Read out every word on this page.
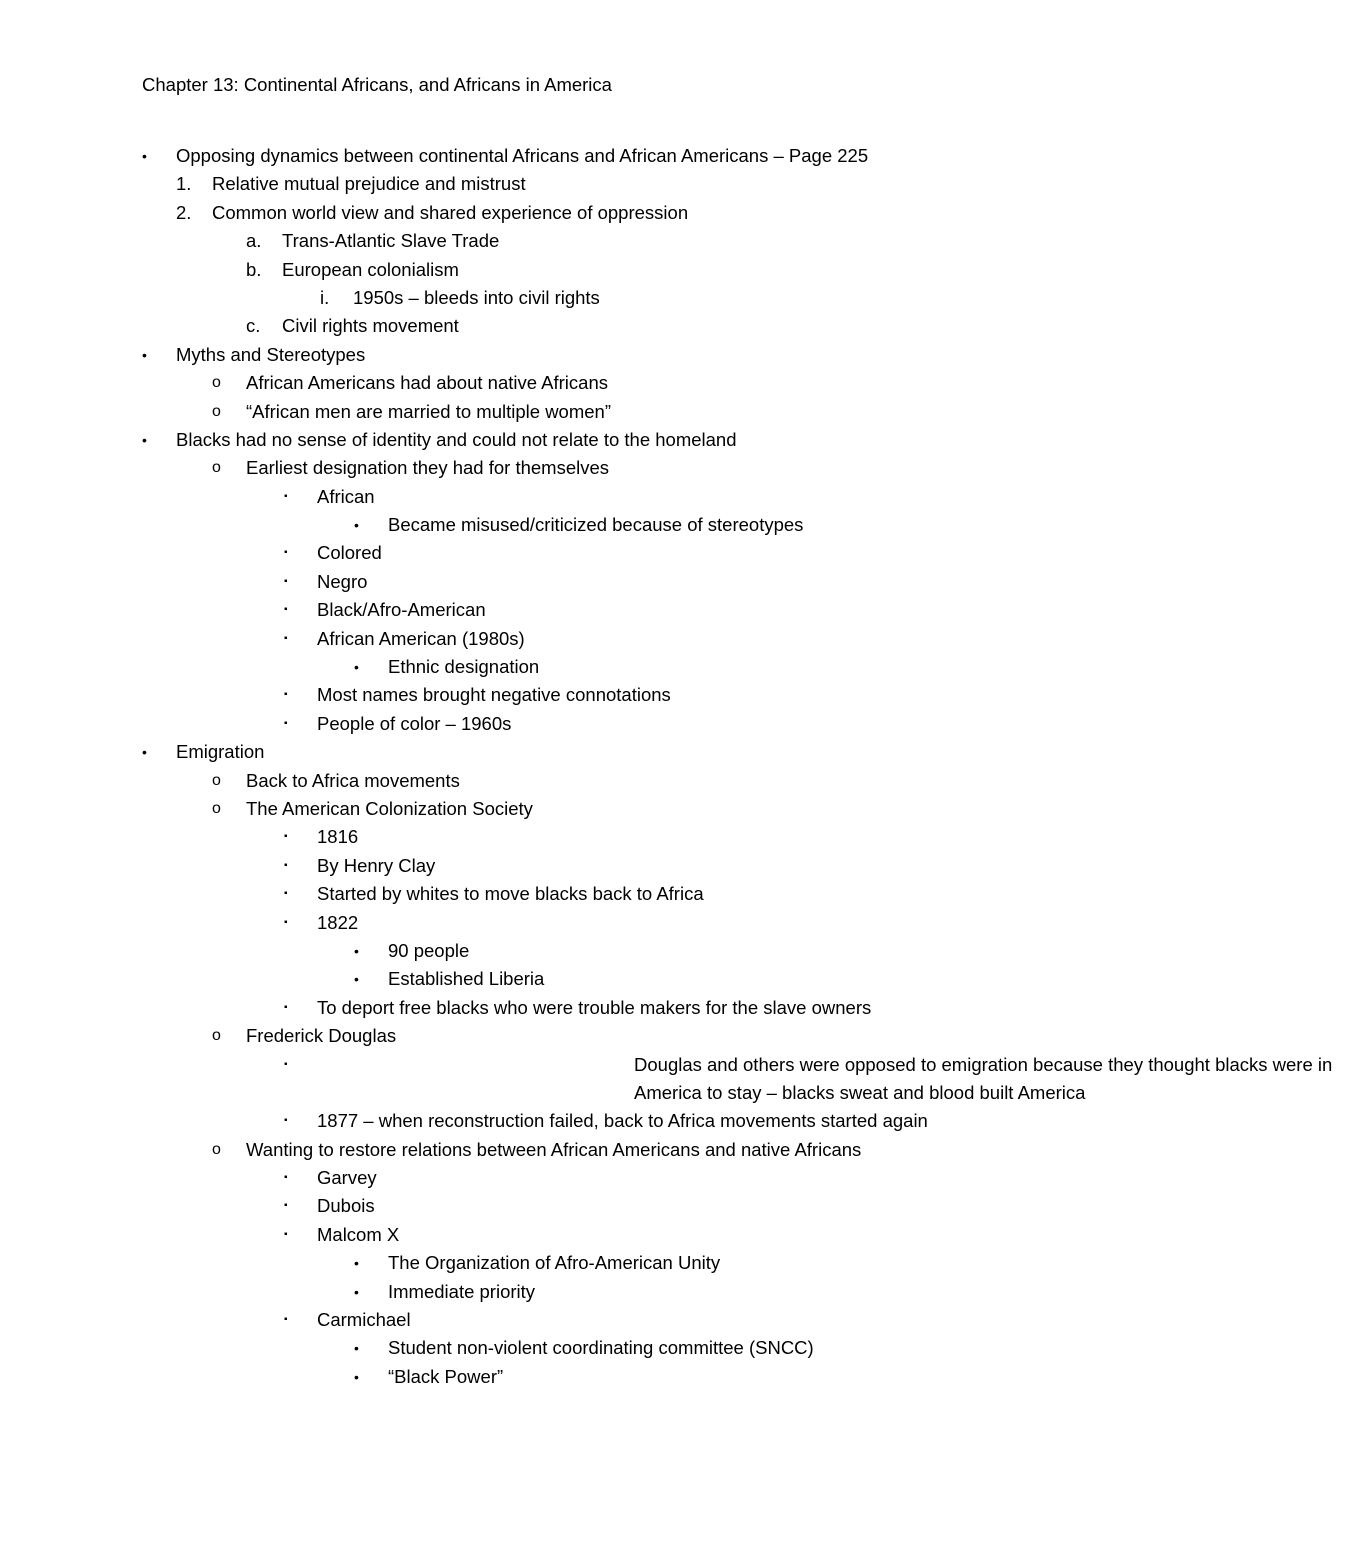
Chapter 13: Continental Africans, and Africans in America
• Opposing dynamics between continental Africans and African Americans – Page 225
1. Relative mutual prejudice and mistrust
2. Common world view and shared experience of oppression
a. Trans-Atlantic Slave Trade
b. European colonialism
i. 1950s – bleeds into civil rights
c. Civil rights movement
• Myths and Stereotypes
o African Americans had about native Africans
o “African men are married to multiple women”
• Blacks had no sense of identity and could not relate to the homeland
o Earliest designation they had for themselves
▪ African
• Became misused/criticized because of stereotypes
▪ Colored
▪ Negro
▪ Black/Afro-American
▪ African American (1980s)
• Ethnic designation
▪ Most names brought negative connotations
▪ People of color – 1960s
• Emigration
o Back to Africa movements
o The American Colonization Society
▪ 1816
▪ By Henry Clay
▪ Started by whites to move blacks back to Africa
▪ 1822
• 90 people
• Established Liberia
▪ To deport free blacks who were trouble makers for the slave owners
o Frederick Douglas
▪	Douglas and others were opposed to emigration because they thought blacks were in America to stay – blacks sweat and blood built America
▪ 1877 – when reconstruction failed, back to Africa movements started again
o Wanting to restore relations between African Americans and native Africans
▪ Garvey
▪ Dubois
▪ Malcom X
• The Organization of Afro-American Unity
• Immediate priority
▪ Carmichael
• Student non-violent coordinating committee (SNCC)
• “Black Power”
